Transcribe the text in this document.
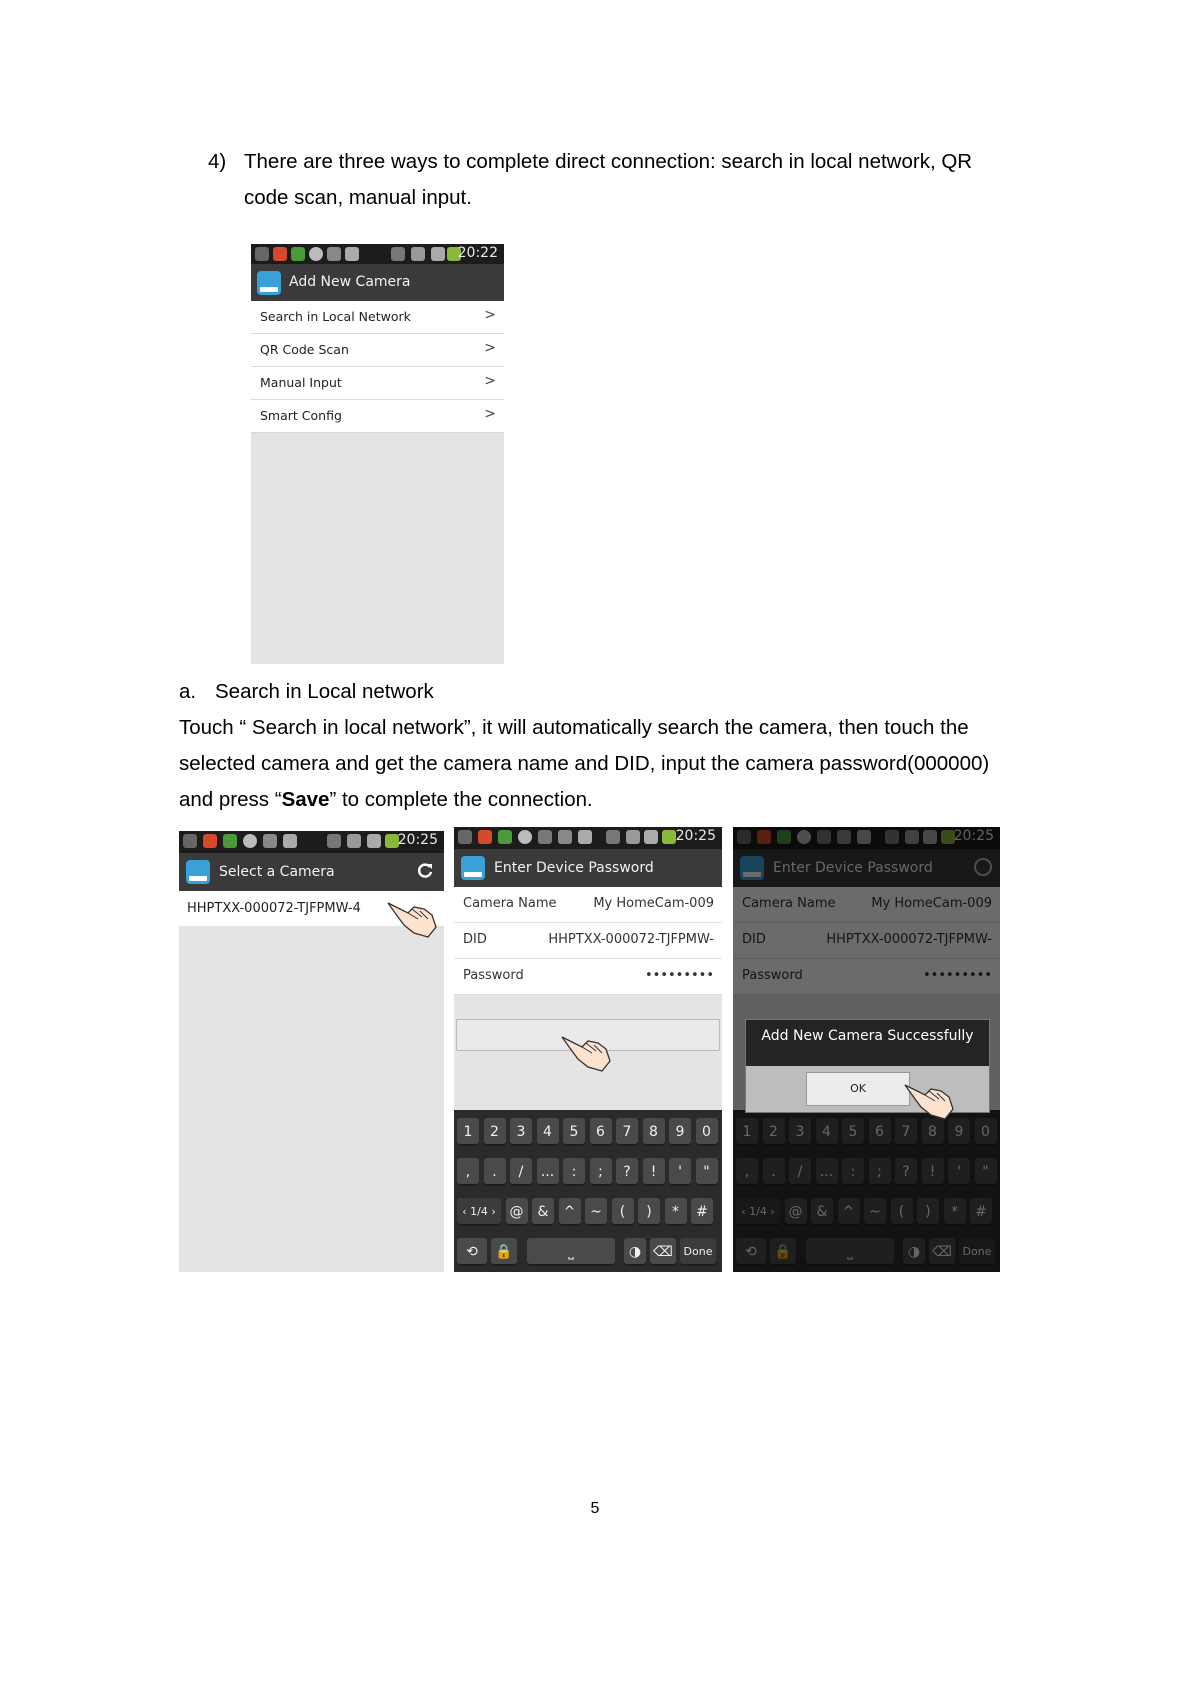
4) There are three ways to complete direct connection: search in local network, QR
code scan, manual input.
20:22
Add New Camera
Search in Local Network	>
QR Code Scan	>
Manual Input	>
Smart Config	>
a. Search in Local network
Touch “ Search in local network”, it will automatically search the camera, then touch the
selected camera and get the camera name and DID, input the camera password(000000)
and press “Save” to complete the connection.
20:25
Select a Camera
HHPTXX-000072-TJFPMW-4
20:25
Enter Device Password
Camera Name	My HomeCam-009
DID	HHPTXX-000072-TJFPMW-
Password	•••••••••
1	2	3	4	5	6	7	8	9	0
,	.	/	...	:	;	?	!	'	"
‹ 1/4 › @	&	^	~	(	)	*	#
⟲	🔒	⎵	◑ ⌫ Done
Add New Camera Successfully
OK
5
